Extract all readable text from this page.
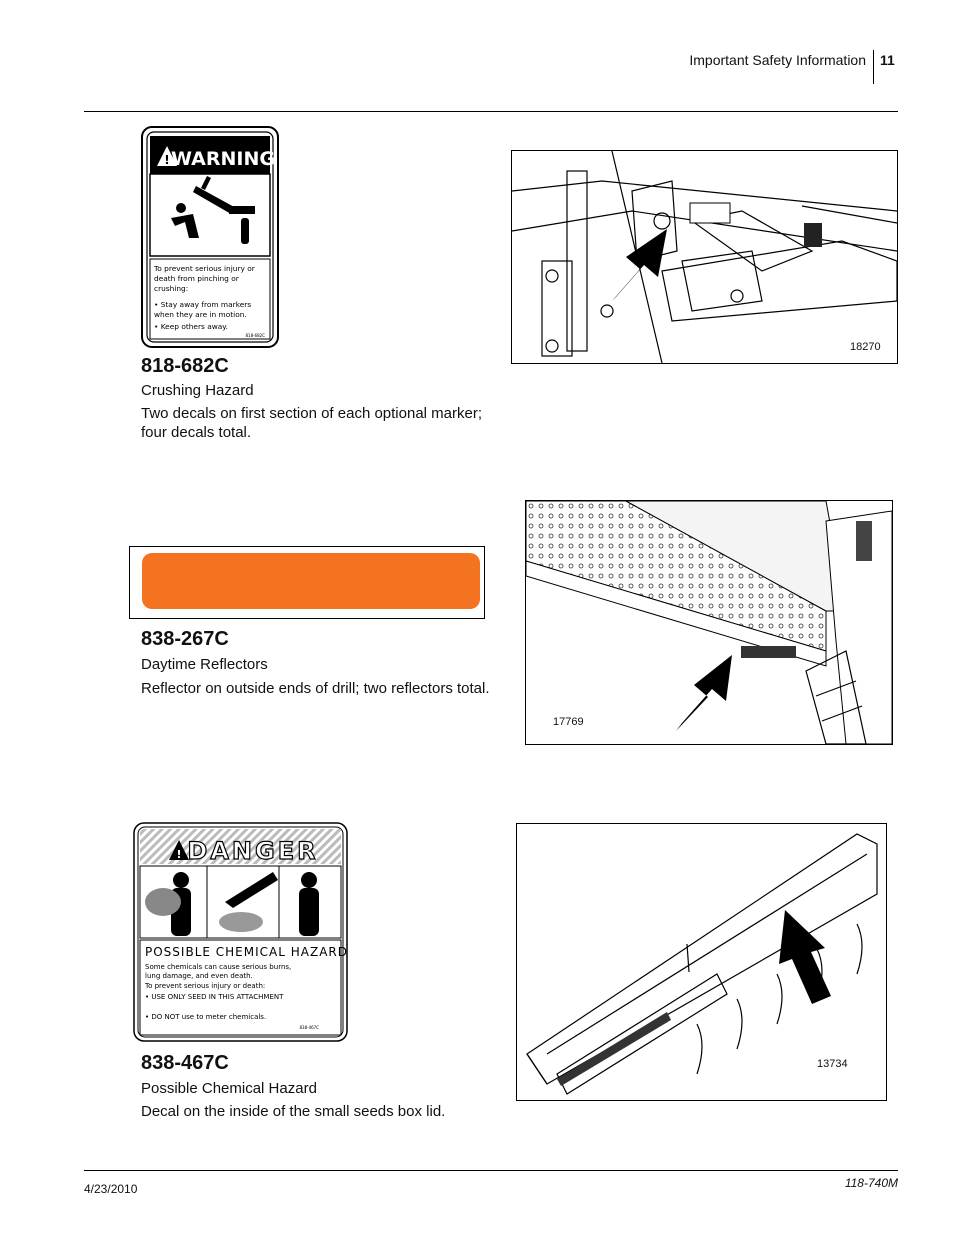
Important Safety Information 11
! WARNING
To prevent serious injury or
death from pinching or
crushing:
• Stay away from markers
when they are in motion.
• Keep others away.
818-682C
818-682C
Crushing Hazard
Two decals on first section of each optional marker; four decals total.
18270
838-267C
Daytime Reflectors
Reflector on outside ends of drill; two reflectors total.
17769
! DANGER
POSSIBLE CHEMICAL HAZARD
Some chemicals can cause serious burns,
lung damage, and even death.
To prevent serious injury or death:
• USE ONLY SEED IN THIS ATTACHMENT
• DO NOT use to meter chemicals.
838-467C
838-467C
Possible Chemical Hazard
Decal on the inside of the small seeds box lid.
13734
4/23/2010	118-740M
